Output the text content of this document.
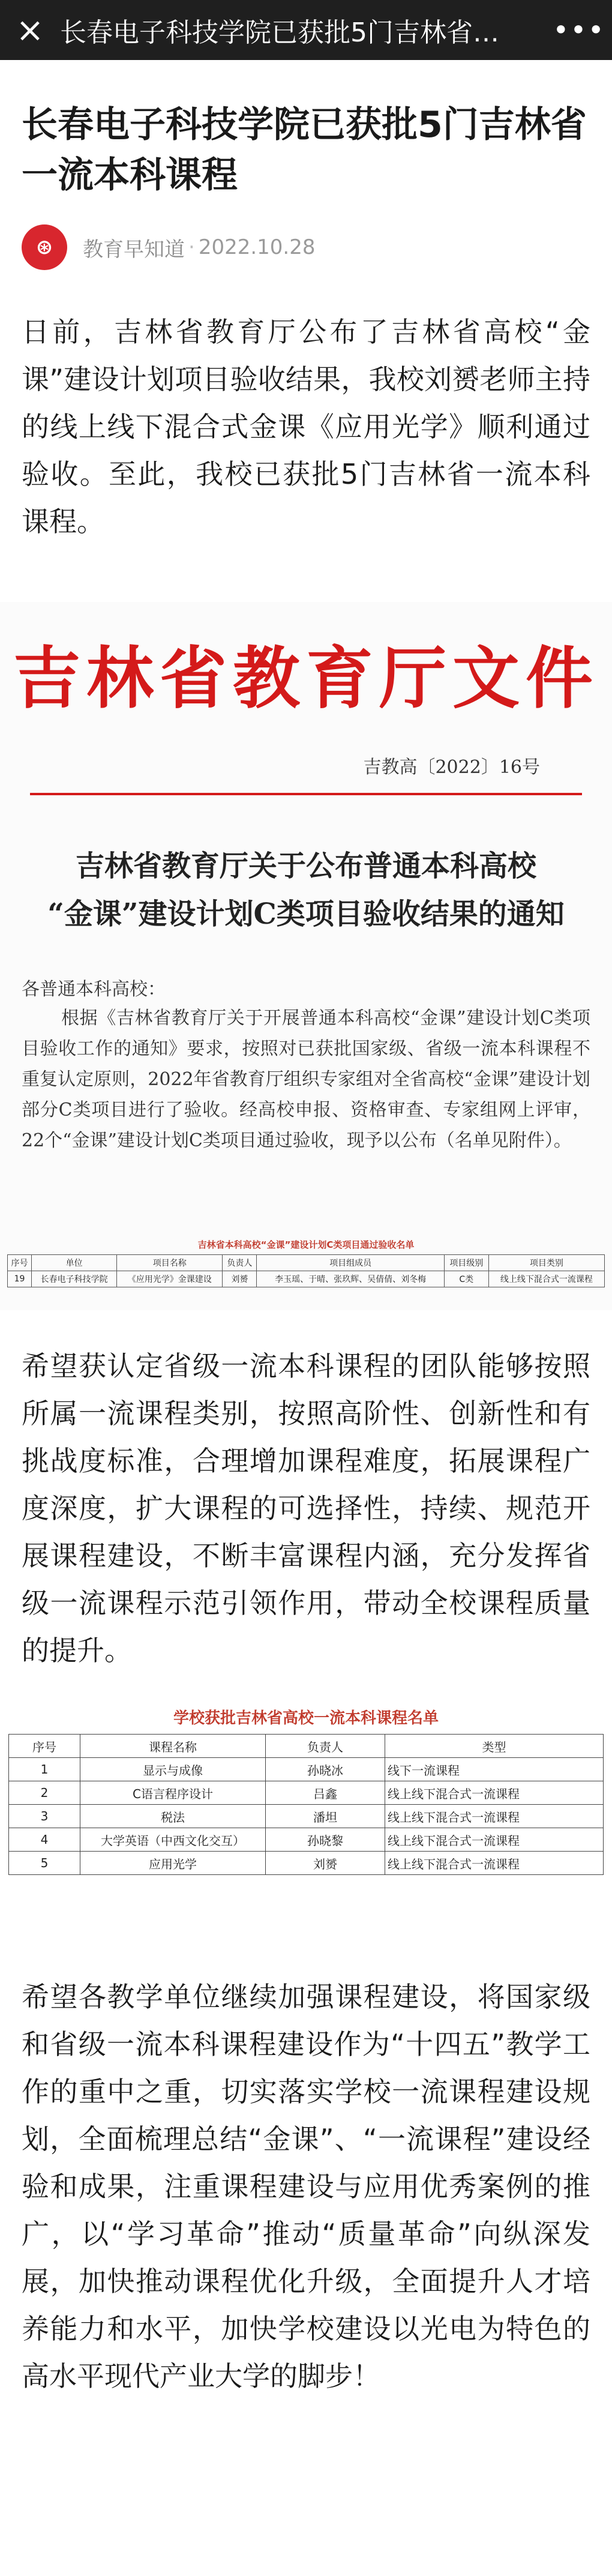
× 长春电子科技学院已获批5门吉林省…	•••
长春电子科技学院已获批5门吉林省一流本科课程
⊛	教育早知道 · 2022.10.28
日前，吉林省教育厅公布了吉林省高校“金课”建设计划项目验收结果，我校刘赟老师主持的线上线下混合式金课《应用光学》顺利通过验收。至此，我校已获批5门吉林省一流本科课程。
吉林省教育厅文件
吉教高〔2022〕16号
吉林省教育厅关于公布普通本科高校
“金课”建设计划C类项目验收结果的通知
各普通本科高校：
根据《吉林省教育厅关于开展普通本科高校“金课”建设计划C类项目验收工作的通知》要求，按照对已获批国家级、省级一流本科课程不重复认定原则，2022年省教育厅组织专家组对全省高校“金课”建设计划部分C类项目进行了验收。经高校申报、资格审查、专家组网上评审，22个“金课”建设计划C类项目通过验收，现予以公布（名单见附件）。
吉林省本科高校“金课”建设计划C类项目通过验收名单
序号	单位	项目名称	负责人	项目组成员	项目级别	项目类别
19	长春电子科技学院	《应用光学》金课建设	刘赟	李玉瑶、于晴、张玖辉、吴倩倩、刘冬梅	C类	线上线下混合式一流课程
希望获认定省级一流本科课程的团队能够按照所属一流课程类别，按照高阶性、创新性和有挑战度标准，合理增加课程难度，拓展课程广度深度，扩大课程的可选择性，持续、规范开展课程建设，不断丰富课程内涵，充分发挥省级一流课程示范引领作用，带动全校课程质量的提升。
学校获批吉林省高校一流本科课程名单
序号	课程名称	负责人	类型
1	显示与成像	孙晓冰	线下一流课程
2	C语言程序设计	吕鑫	线上线下混合式一流课程
3	税法	潘坦	线上线下混合式一流课程
4	大学英语（中西文化交互）	孙晓黎	线上线下混合式一流课程
5	应用光学	刘赟	线上线下混合式一流课程
希望各教学单位继续加强课程建设，将国家级和省级一流本科课程建设作为“十四五”教学工作的重中之重，切实落实学校一流课程建设规划，全面梳理总结“金课”、“一流课程”建设经验和成果，注重课程建设与应用优秀案例的推广，以“学习革命”推动“质量革命”向纵深发展，加快推动课程优化升级，全面提升人才培养能力和水平，加快学校建设以光电为特色的高水平现代产业大学的脚步！
